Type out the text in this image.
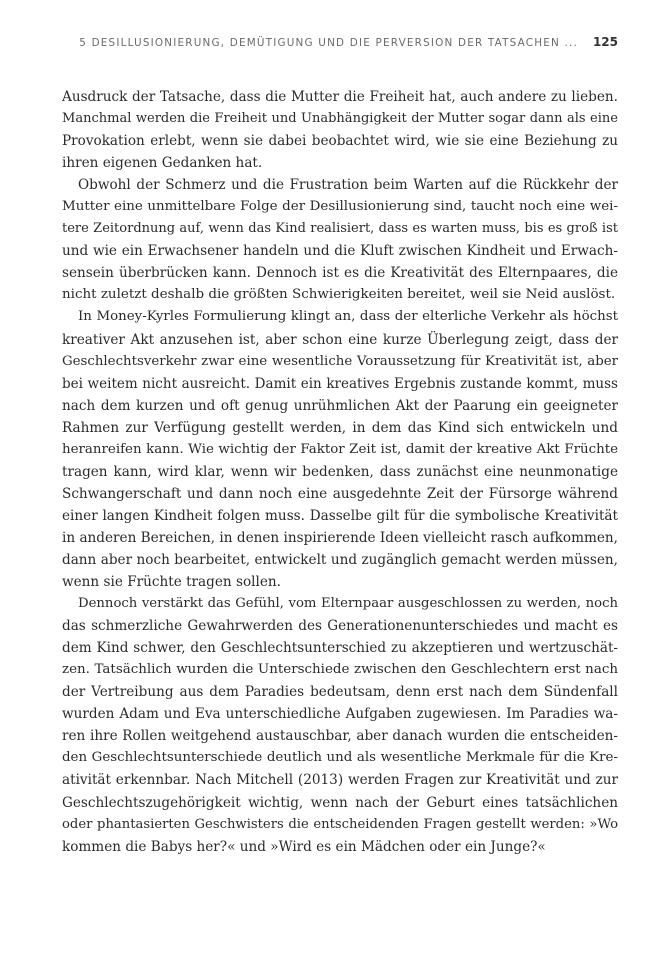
5 DESILLUSIONIERUNG, DEMÜTIGUNG UND DIE PERVERSION DER TATSACHEN ... 125
Ausdruck der Tatsache, dass die Mutter die Freiheit hat, auch andere zu lieben.
Manchmal werden die Freiheit und Unabhängigkeit der Mutter sogar dann als eine
Provokation erlebt, wenn sie dabei beobachtet wird, wie sie eine Beziehung zu
ihren eigenen Gedanken hat.
Obwohl der Schmerz und die Frustration beim Warten auf die Rückkehr der
Mutter eine unmittelbare Folge der Desillusionierung sind, taucht noch eine wei-
tere Zeitordnung auf, wenn das Kind realisiert, dass es warten muss, bis es groß ist
und wie ein Erwachsener handeln und die Kluft zwischen Kindheit und Erwach-
sensein überbrücken kann. Dennoch ist es die Kreativität des Elternpaares, die
nicht zuletzt deshalb die größten Schwierigkeiten bereitet, weil sie Neid auslöst.
In Money-Kyrles Formulierung klingt an, dass der elterliche Verkehr als höchst
kreativer Akt anzusehen ist, aber schon eine kurze Überlegung zeigt, dass der
Geschlechtsverkehr zwar eine wesentliche Voraussetzung für Kreativität ist, aber
bei weitem nicht ausreicht. Damit ein kreatives Ergebnis zustande kommt, muss
nach dem kurzen und oft genug unrühmlichen Akt der Paarung ein geeigneter
Rahmen zur Verfügung gestellt werden, in dem das Kind sich entwickeln und
heranreifen kann. Wie wichtig der Faktor Zeit ist, damit der kreative Akt Früchte
tragen kann, wird klar, wenn wir bedenken, dass zunächst eine neunmonatige
Schwangerschaft und dann noch eine ausgedehnte Zeit der Fürsorge während
einer langen Kindheit folgen muss. Dasselbe gilt für die symbolische Kreativität
in anderen Bereichen, in denen inspirierende Ideen vielleicht rasch aufkommen,
dann aber noch bearbeitet, entwickelt und zugänglich gemacht werden müssen,
wenn sie Früchte tragen sollen.
Dennoch verstärkt das Gefühl, vom Elternpaar ausgeschlossen zu werden, noch
das schmerzliche Gewahrwerden des Generationenunterschiedes und macht es
dem Kind schwer, den Geschlechtsunterschied zu akzeptieren und wertzuschät-
zen. Tatsächlich wurden die Unterschiede zwischen den Geschlechtern erst nach
der Vertreibung aus dem Paradies bedeutsam, denn erst nach dem Sündenfall
wurden Adam und Eva unterschiedliche Aufgaben zugewiesen. Im Paradies wa-
ren ihre Rollen weitgehend austauschbar, aber danach wurden die entscheiden-
den Geschlechtsunterschiede deutlich und als wesentliche Merkmale für die Kre-
ativität erkennbar. Nach Mitchell (2013) werden Fragen zur Kreativität und zur
Geschlechtszugehörigkeit wichtig, wenn nach der Geburt eines tatsächlichen
oder phantasierten Geschwisters die entscheidenden Fragen gestellt werden: »Wo
kommen die Babys her?« und »Wird es ein Mädchen oder ein Junge?«
